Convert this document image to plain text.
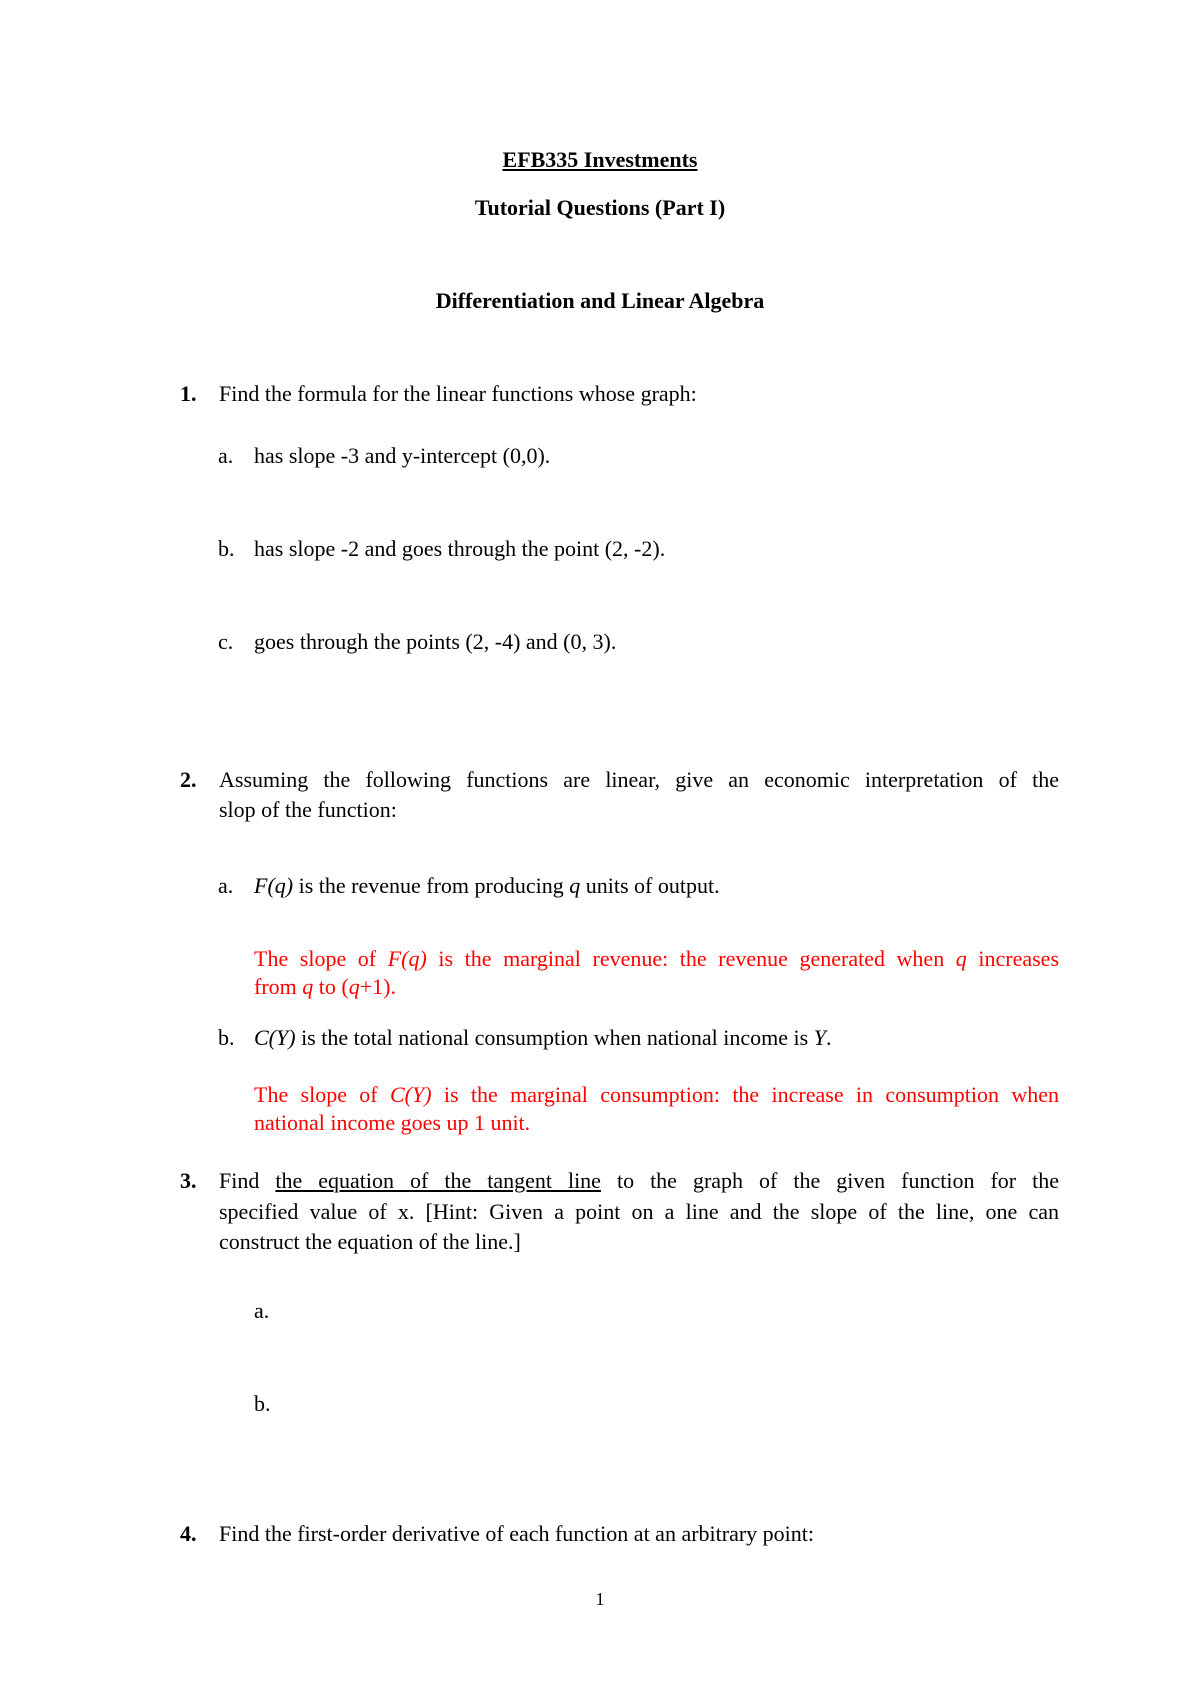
EFB335 Investments
Tutorial Questions (Part I)
Differentiation and Linear Algebra
1. Find the formula for the linear functions whose graph:
a. has slope -3 and y-intercept (0,0).
b. has slope -2 and goes through the point (2, -2).
c. goes through the points (2, -4) and (0, 3).
2. Assuming the following functions are linear, give an economic interpretation of the
slop of the function:
a. F(q) is the revenue from producing q units of output.
The slope of F(q) is the marginal revenue: the revenue generated when q increases
from q to (q+1).
b. C(Y) is the total national consumption when national income is Y.
The slope of C(Y) is the marginal consumption: the increase in consumption when
national income goes up 1 unit.
3. Find the equation of the tangent line to the graph of the given function for the
specified value of x. [Hint: Given a point on a line and the slope of the line, one can
construct the equation of the line.]
a.
b.
4. Find the first-order derivative of each function at an arbitrary point:
1
